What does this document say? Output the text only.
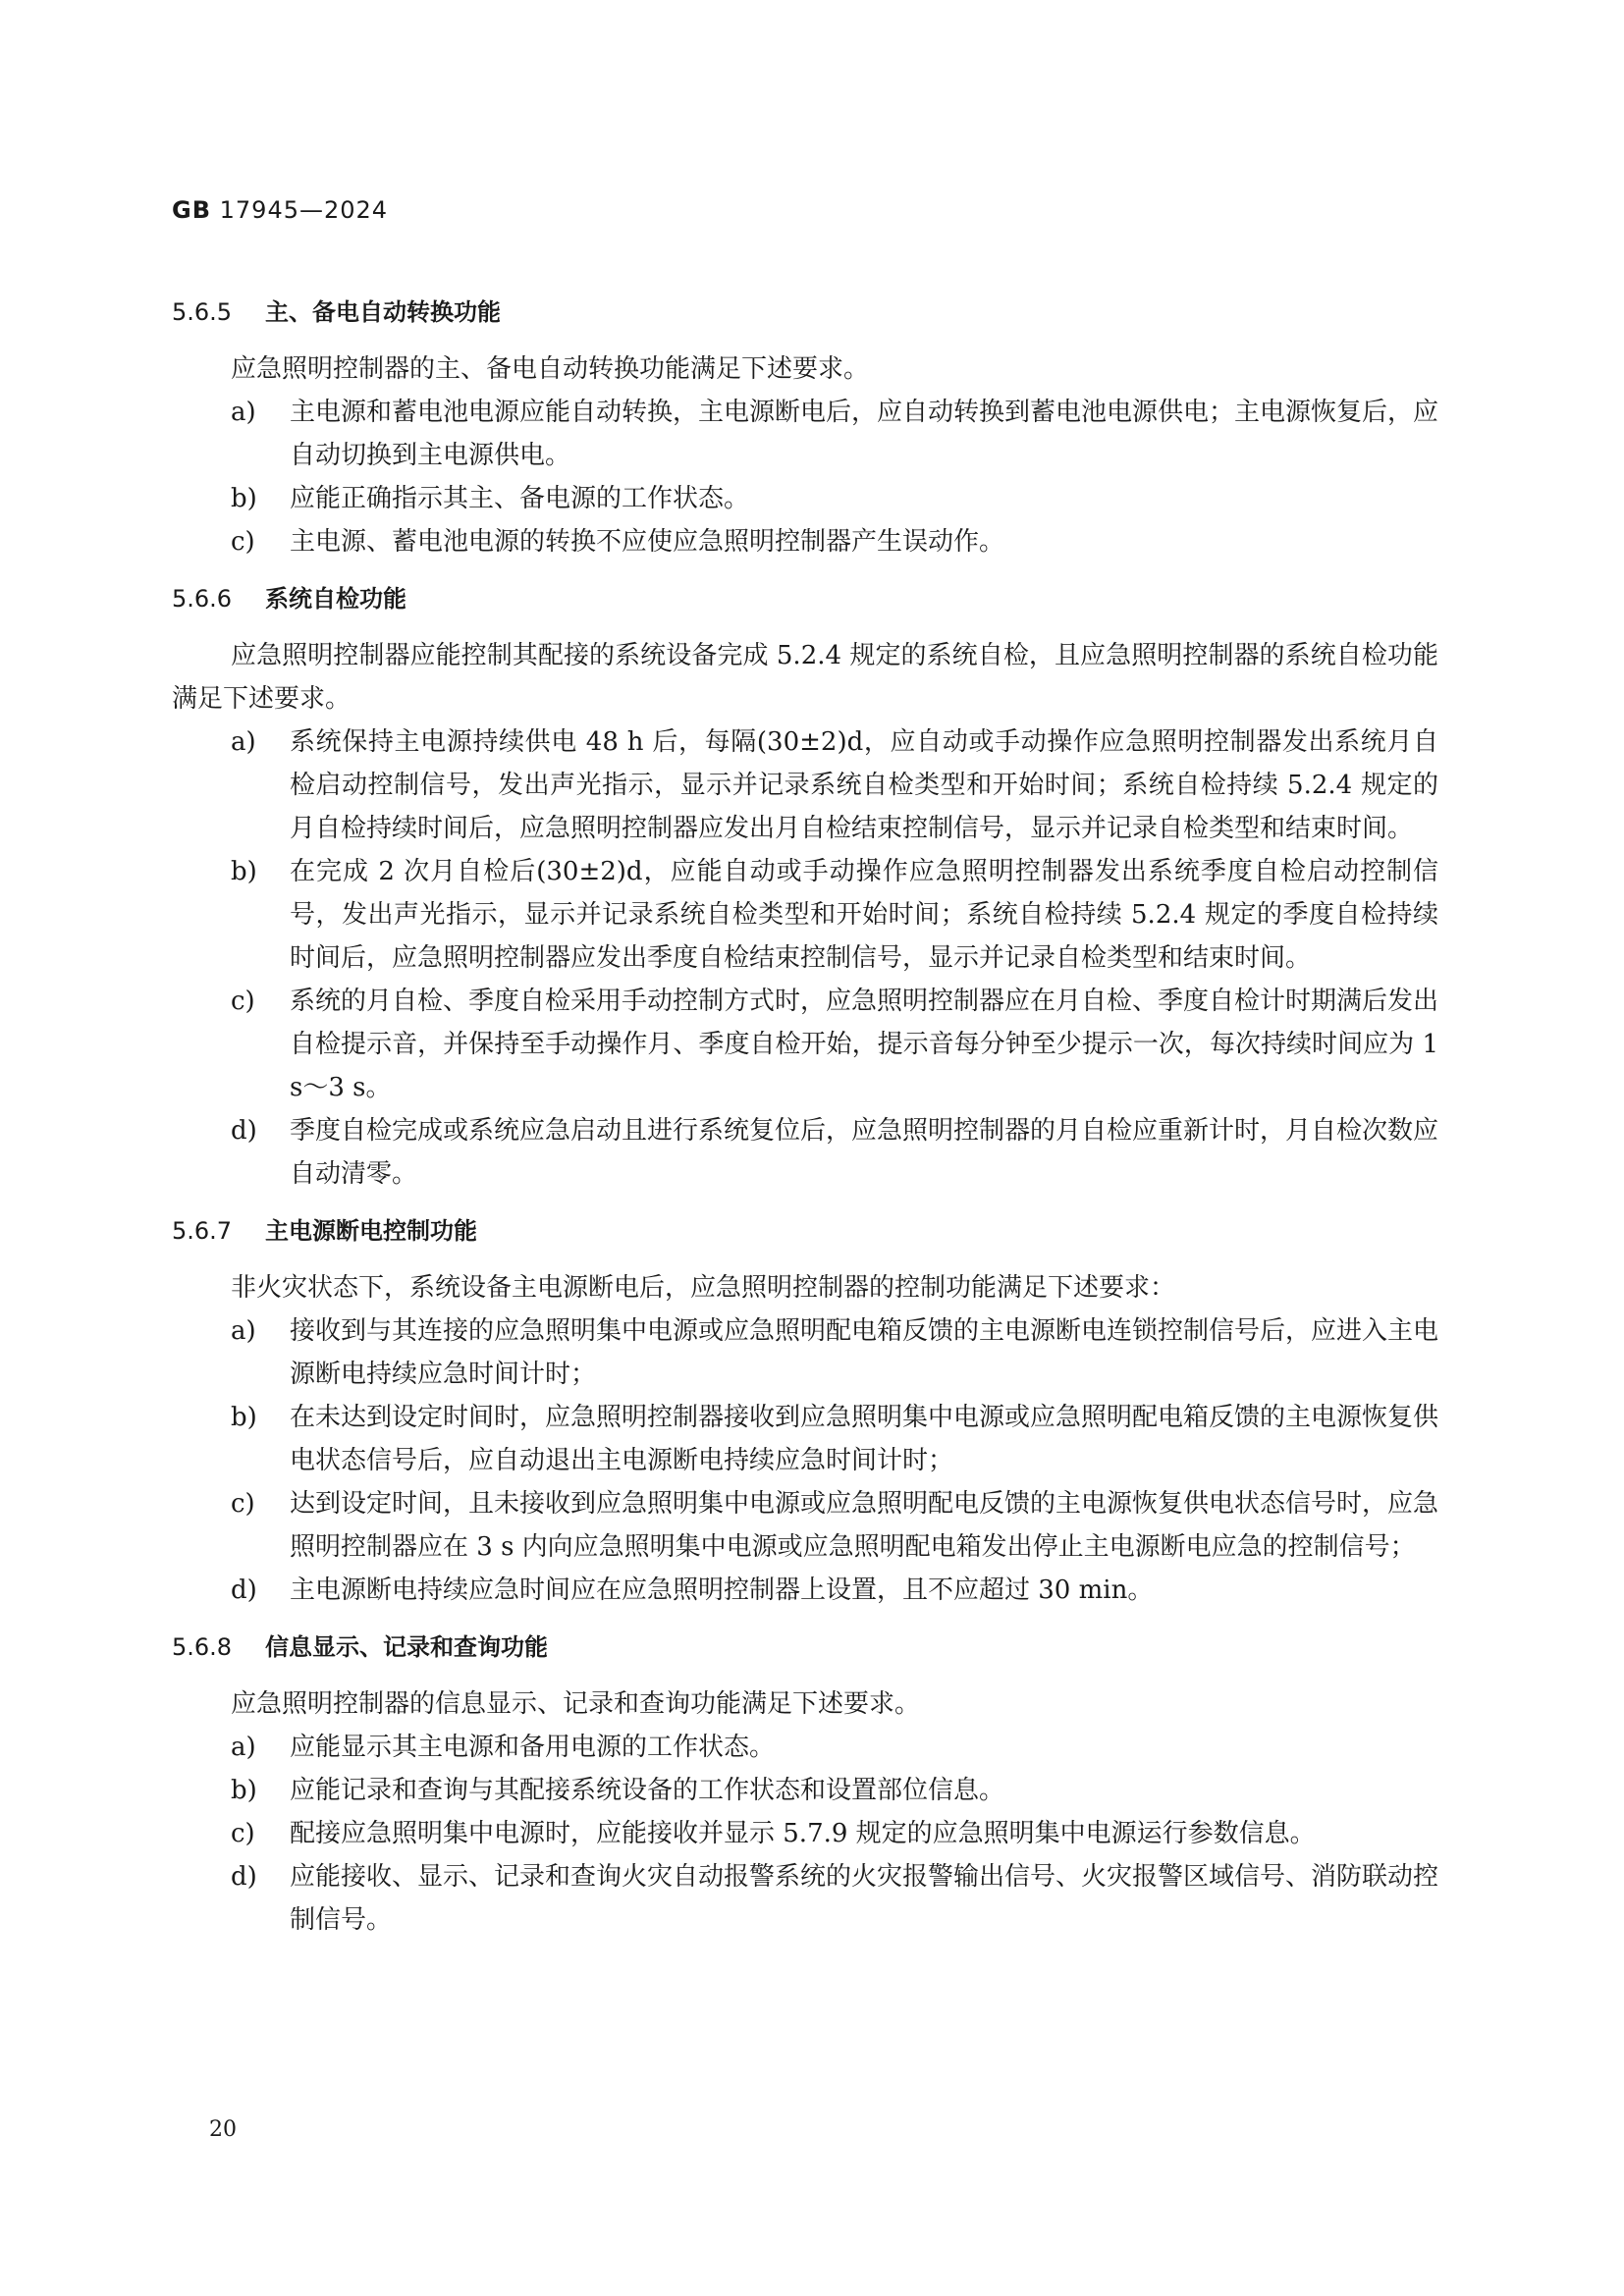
GB 17945—2024
5.6.5 主、备电自动转换功能

应急照明控制器的主、备电自动转换功能满足下述要求。

a)	主电源和蓄电池电源应能自动转换，主电源断电后，应自动转换到蓄电池电源供电；主电源恢复后，应自动切换到主电源供电。
b)	应能正确指示其主、备电源的工作状态。
c)	主电源、蓄电池电源的转换不应使应急照明控制器产生误动作。
5.6.6 系统自检功能

应急照明控制器应能控制其配接的系统设备完成 5.2.4 规定的系统自检，且应急照明控制器的系统自检功能满足下述要求。

a)	系统保持主电源持续供电 48 h 后，每隔(30±2)d，应自动或手动操作应急照明控制器发出系统月自检启动控制信号，发出声光指示，显示并记录系统自检类型和开始时间；系统自检持续 5.2.4 规定的月自检持续时间后，应急照明控制器应发出月自检结束控制信号，显示并记录自检类型和结束时间。
b)	在完成 2 次月自检后(30±2)d，应能自动或手动操作应急照明控制器发出系统季度自检启动控制信号，发出声光指示，显示并记录系统自检类型和开始时间；系统自检持续 5.2.4 规定的季度自检持续时间后，应急照明控制器应发出季度自检结束控制信号，显示并记录自检类型和结束时间。
c)	系统的月自检、季度自检采用手动控制方式时，应急照明控制器应在月自检、季度自检计时期满后发出自检提示音，并保持至手动操作月、季度自检开始，提示音每分钟至少提示一次，每次持续时间应为 1 s～3 s。
d)	季度自检完成或系统应急启动且进行系统复位后，应急照明控制器的月自检应重新计时，月自检次数应自动清零。
5.6.7 主电源断电控制功能

非火灾状态下，系统设备主电源断电后，应急照明控制器的控制功能满足下述要求：

a)	接收到与其连接的应急照明集中电源或应急照明配电箱反馈的主电源断电连锁控制信号后，应进入主电源断电持续应急时间计时；
b)	在未达到设定时间时，应急照明控制器接收到应急照明集中电源或应急照明配电箱反馈的主电源恢复供电状态信号后，应自动退出主电源断电持续应急时间计时；
c)	达到设定时间，且未接收到应急照明集中电源或应急照明配电反馈的主电源恢复供电状态信号时，应急照明控制器应在 3 s 内向应急照明集中电源或应急照明配电箱发出停止主电源断电应急的控制信号；
d)	主电源断电持续应急时间应在应急照明控制器上设置，且不应超过 30 min。
5.6.8 信息显示、记录和查询功能

应急照明控制器的信息显示、记录和查询功能满足下述要求。

a)	应能显示其主电源和备用电源的工作状态。
b)	应能记录和查询与其配接系统设备的工作状态和设置部位信息。
c)	配接应急照明集中电源时，应能接收并显示 5.7.9 规定的应急照明集中电源运行参数信息。
d)	应能接收、显示、记录和查询火灾自动报警系统的火灾报警输出信号、火灾报警区域信号、消防联动控制信号。
20
